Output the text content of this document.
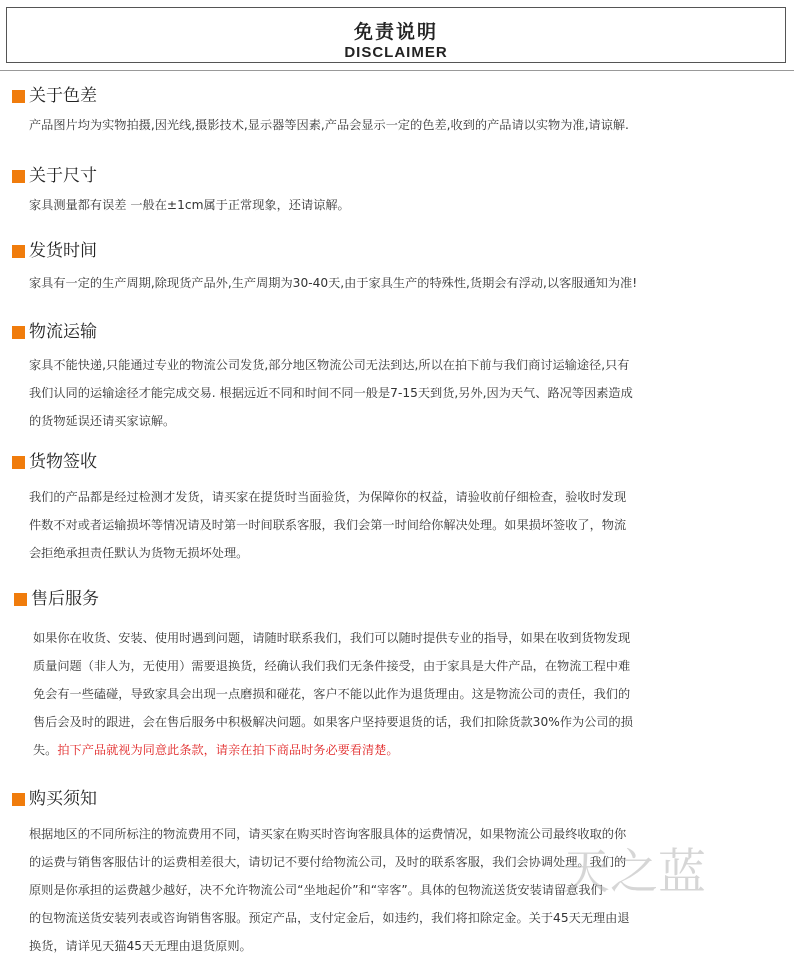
免责说明
DISCLAIMER
关于色差
产品图片均为实物拍摄,因光线,摄影技术,显示器等因素,产品会显示一定的色差,收到的产品请以实物为准,请谅解.
关于尺寸
家具测量都有误差 一般在±1cm属于正常现象，还请谅解。
发货时间
家具有一定的生产周期,除现货产品外,生产周期为30-40天,由于家具生产的特殊性,货期会有浮动,以客服通知为准!
物流运输
家具不能快递,只能通过专业的物流公司发货,部分地区物流公司无法到达,所以在拍下前与我们商讨运输途径,只有
我们认同的运输途径才能完成交易. 根据远近不同和时间不同一般是7-15天到货,另外,因为天气、路况等因素造成
的货物延误还请买家谅解。
货物签收
我们的产品都是经过检测才发货，请买家在提货时当面验货，为保障你的权益，请验收前仔细检查，验收时发现
件数不对或者运输损坏等情况请及时第一时间联系客服，我们会第一时间给你解决处理。如果损坏签收了，物流
会拒绝承担责任默认为货物无损坏处理。
售后服务
如果你在收货、安装、使用时遇到问题，请随时联系我们，我们可以随时提供专业的指导，如果在收到货物发现
质量问题（非人为，无使用）需要退换货，经确认我们我们无条件接受，由于家具是大件产品，在物流工程中难
免会有一些磕碰，导致家具会出现一点磨损和碰花，客户不能以此作为退货理由。这是物流公司的责任，我们的
售后会及时的跟进，会在售后服务中积极解决问题。如果客户坚持要退货的话，我们扣除货款30%作为公司的损
失。拍下产品就视为同意此条款，请亲在拍下商品时务必要看清楚。
购买须知
根据地区的不同所标注的物流费用不同，请买家在购买时咨询客服具体的运费情况，如果物流公司最终收取的你
的运费与销售客服估计的运费相差很大，请切记不要付给物流公司，及时的联系客服，我们会协调处理。我们的
原则是你承担的运费越少越好，决不允许物流公司“坐地起价”和“宰客”。具体的包物流送货安装请留意我们
的包物流送货安装列表或咨询销售客服。预定产品，支付定金后，如违约，我们将扣除定金。关于45天无理由退
换货，请详见天猫45天无理由退货原则。
天之蓝
